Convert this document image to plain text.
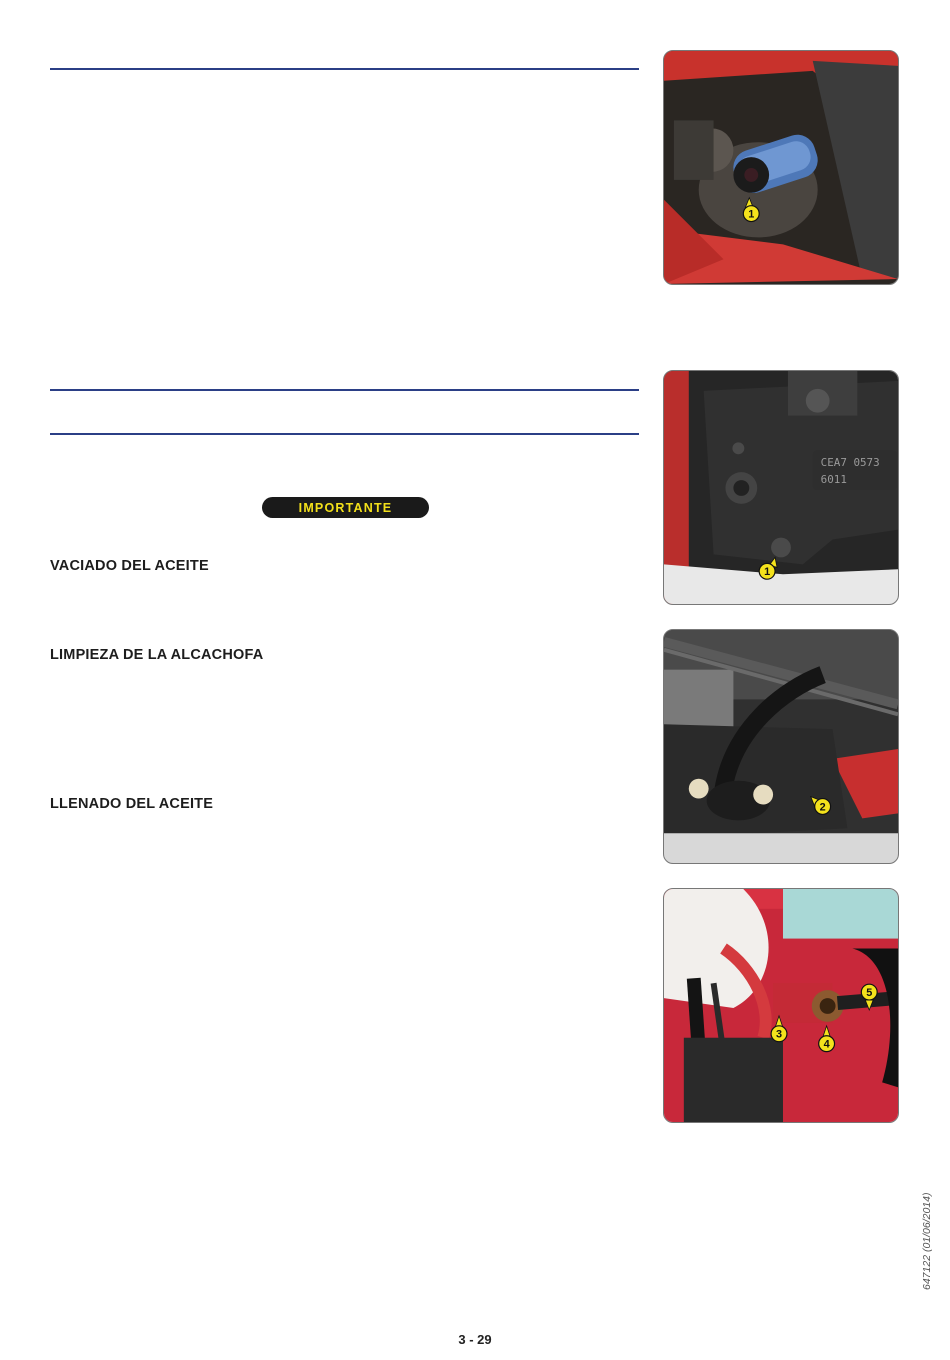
IMPORTANTE
VACIADO DEL ACEITE
LIMPIEZA DE LA ALCACHOFA
LLENADO DEL ACEITE
1
CEA7 0573
6011
1
2
3
4
5
3 - 29
647122 (01/06/2014)
